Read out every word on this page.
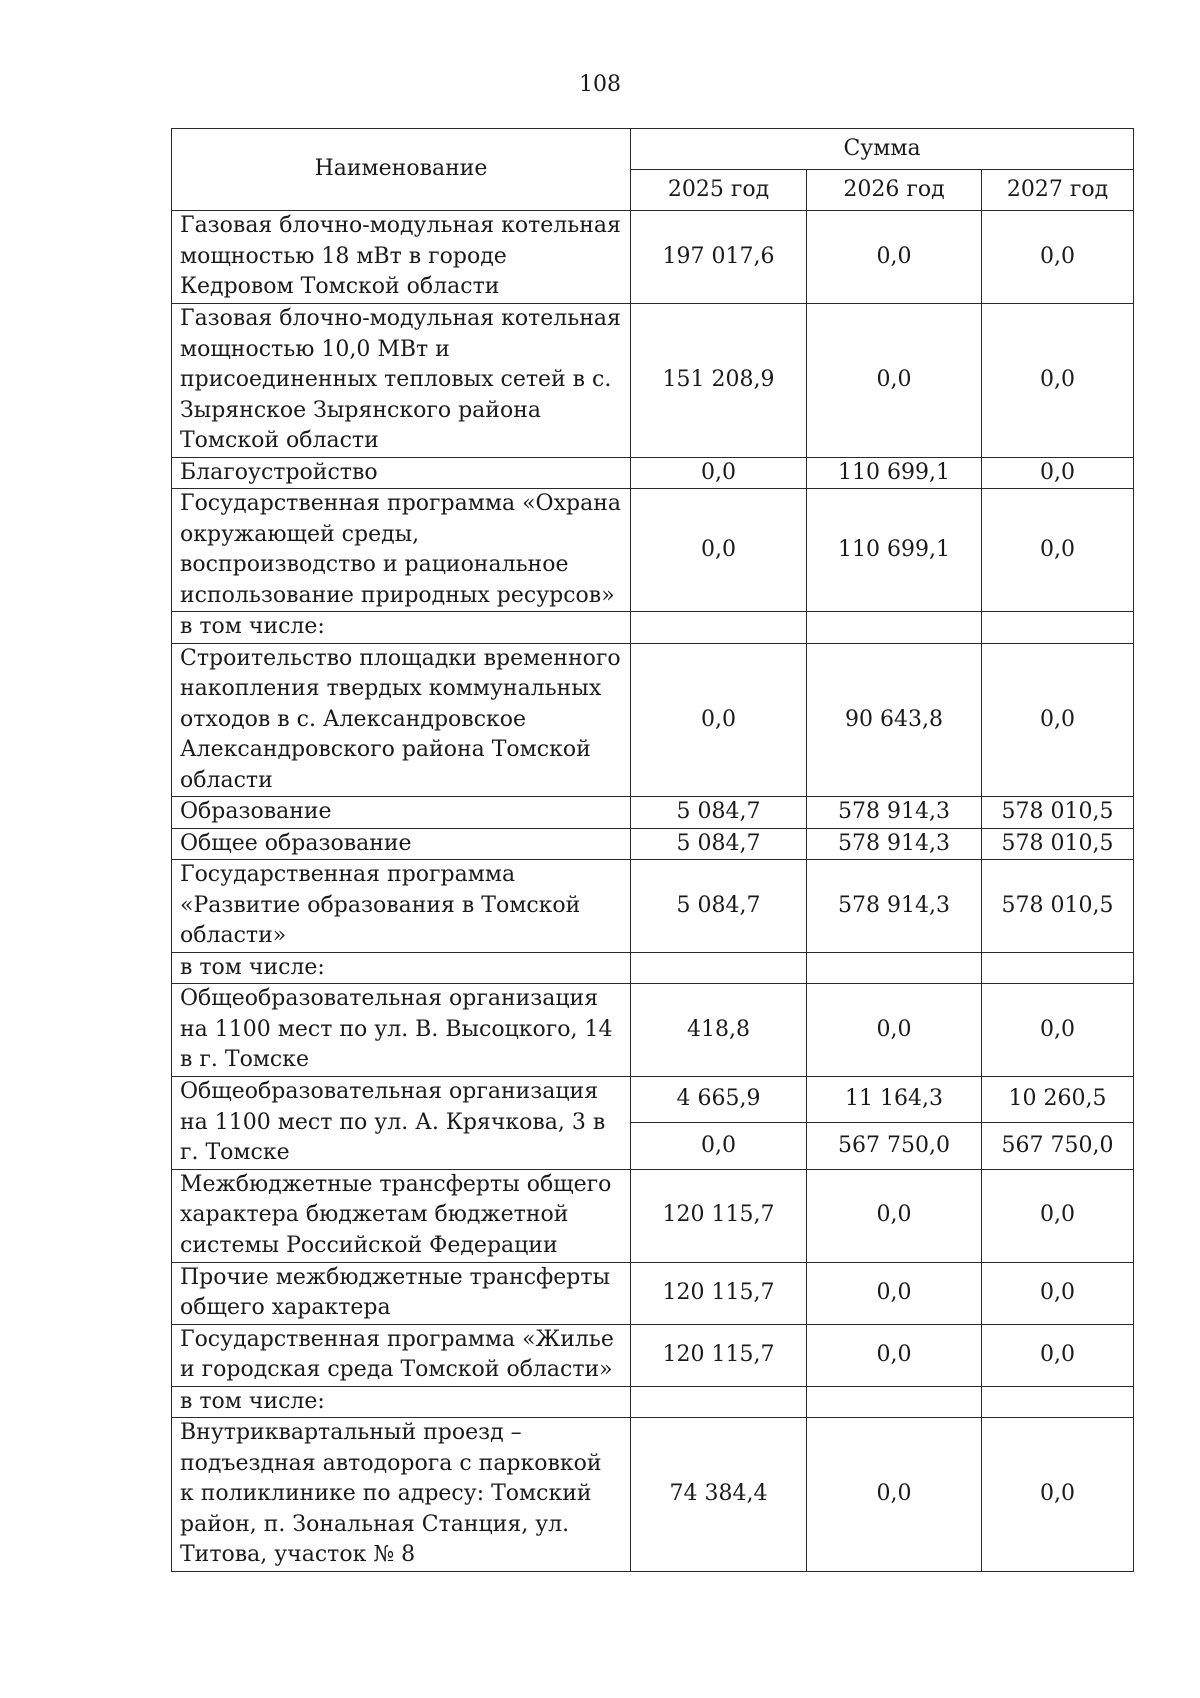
108
Наименование	Сумма		
	2025 год	2026 год	2027 год
Газовая блочно-модульная котельная мощностью 18 мВт в городе Кедровом Томской области	197 017,6	0,0	0,0
Газовая блочно-модульная котельная мощностью 10,0 МВт и присоединенных тепловых сетей в с. Зырянское Зырянского района Томской области	151 208,9	0,0	0,0
Благоустройство	0,0	110 699,1	0,0
Государственная программа «Охрана окружающей среды, воспроизводство и рациональное использование природных ресурсов»	0,0	110 699,1	0,0
в том числе:			
Строительство площадки временного накопления твердых коммунальных отходов в с. Александровское Александровского района Томской области	0,0	90 643,8	0,0
Образование	5 084,7	578 914,3	578 010,5
Общее образование	5 084,7	578 914,3	578 010,5
Государственная программа «Развитие образования в Томской области»	5 084,7	578 914,3	578 010,5
в том числе:			
Общеобразовательная организация на 1100 мест по ул. В. Высоцкого, 14 в г. Томске	418,8	0,0	0,0
Общеобразовательная организация на 1100 мест по ул. А. Крячкова, 3 в г. Томске	4 665,9	11 164,3	10 260,5
	0,0	567 750,0	567 750,0
Межбюджетные трансферты общего характера бюджетам бюджетной системы Российской Федерации	120 115,7	0,0	0,0
Прочие межбюджетные трансферты общего характера	120 115,7	0,0	0,0
Государственная программа «Жилье и городская среда Томской области»	120 115,7	0,0	0,0
в том числе:			
Внутриквартальный проезд – подъездная автодорога с парковкой к поликлинике по адресу: Томский район, п. Зональная Станция, ул. Титова, участок № 8	74 384,4	0,0	0,0
